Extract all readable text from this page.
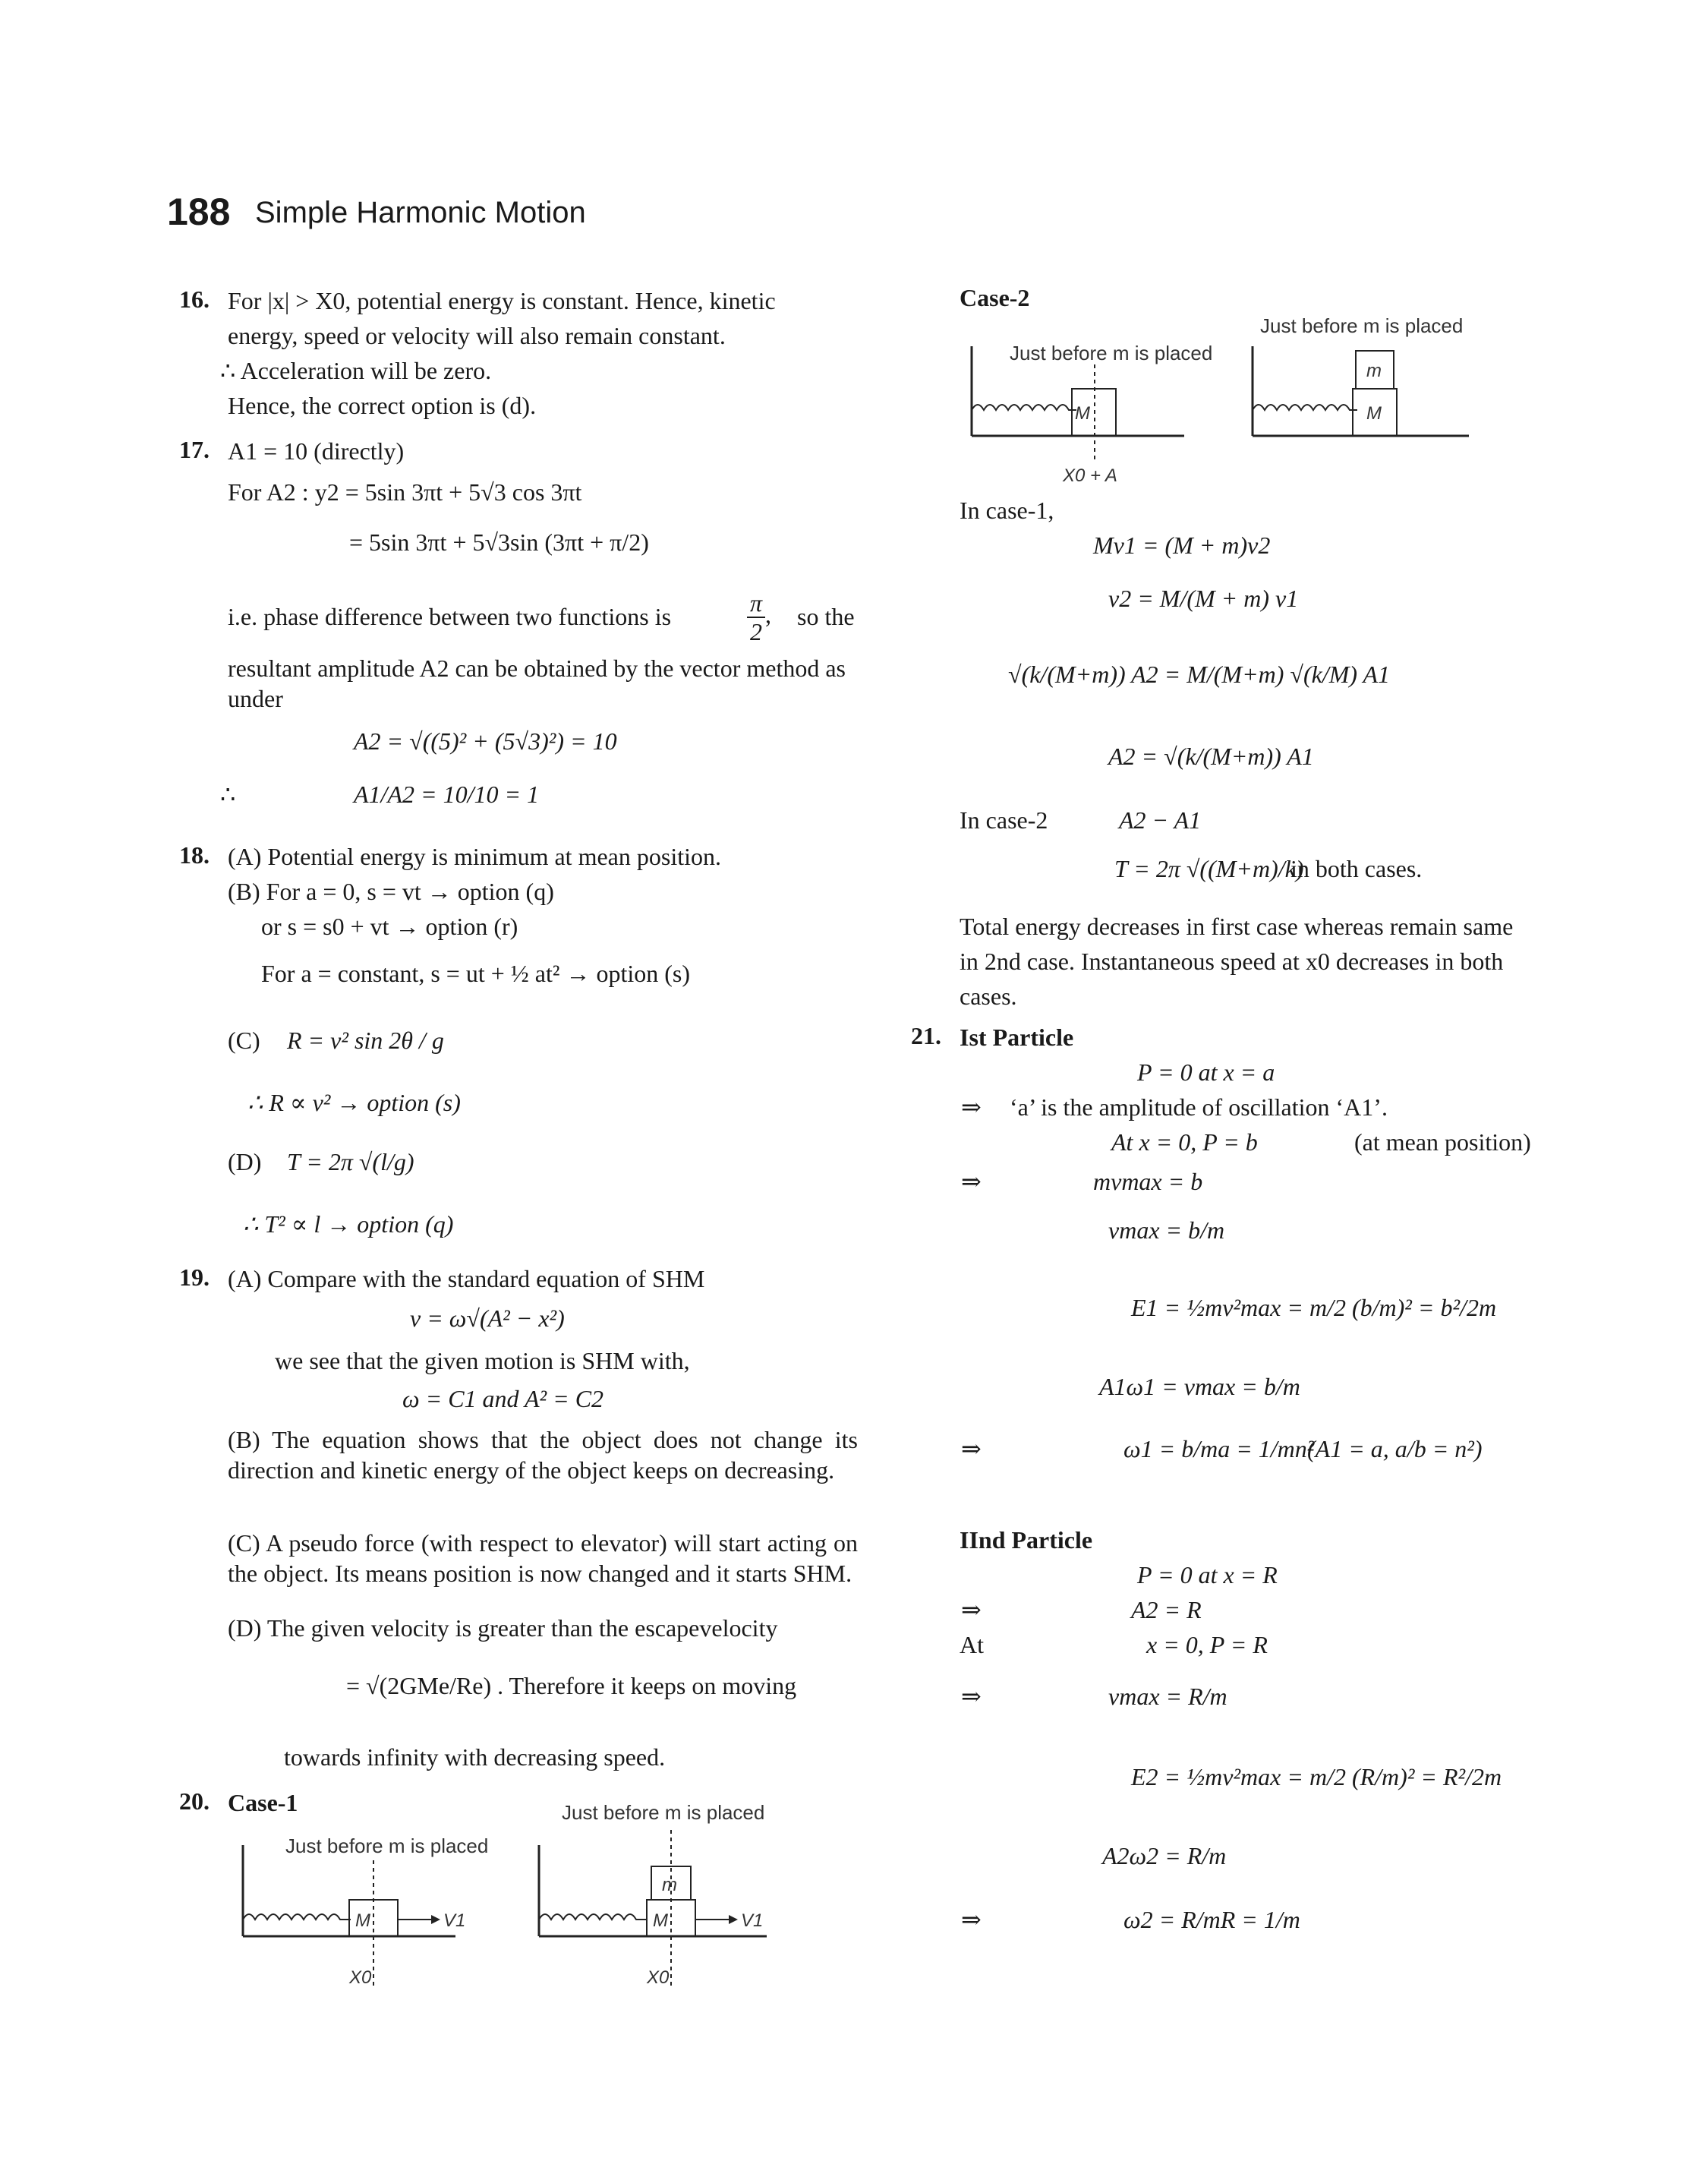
188 Simple Harmonic Motion
16. For |x| > X0, potential energy is constant. Hence, kinetic
energy, speed or velocity will also remain constant.
∴ Acceleration will be zero.
Hence, the correct option is (d).
17. A1 = 10 (directly)
For A2 : y2 = 5sin 3πt + 5√3 cos 3πt
= 5sin 3πt + 5√3sin (3πt + π/2)
i.e. phase difference between two functions is	$\frac{\pi}{2}$ , so the
resultant amplitude A2 can be obtained by the vector method as
under
A2 = √((5)² + (5√3)²) = 10
∴	A1/A2 = 10/10 = 1
18. (A) Potential energy is minimum at mean position.
(B) For a = 0, s = vt → option (q)
or s = s0 + vt → option (r)
For a = constant, s = ut + ½ at² → option (s)
(C) R = v² sin 2θ / g
∴ R ∝ v² → option (s)
(D) T = 2π √(l/g)
∴ T² ∝ l → option (q)
19. (A) Compare with the standard equation of SHM
v = ω√(A² − x²)
we see that the given motion is SHM with,
ω = C1 and A² = C2
(B) The equation shows that the object does not change its direction and kinetic energy of the object keeps on decreasing.
(C) A pseudo force (with respect to elevator) will start acting on the object. Its means position is now changed and it starts SHM.
(D) The given velocity is greater than the escapevelocity
= √(2GMe/Re) . Therefore it keeps on moving
towards infinity with decreasing speed.
20. Case-1
M	V1
X0
M
m
V1
X0
Just before m is placed
Just before m is placed
Case-2
Just before m is placed
Just before m is placed
M
X0 + A
M
m
In case-1,
Mv1 = (M + m)v2
v2 = M/(M + m) v1
√(k/(M+m)) A2 = M/(M+m) √(k/M) A1
A2 = √(k/(M+m)) A1
In case-2	A2 − A1
T = 2π √((M+m)/k)
in both cases.
Total energy decreases in first case whereas remain same
in 2nd case. Instantaneous speed at x0 decreases in both
cases.
21. Ist Particle
P = 0 at x = a
⇒ ‘a’ is the amplitude of oscillation ‘A1’.
At x = 0, P = b	(at mean position)
⇒	mvmax = b
vmax = b/m
E1 = ½mv²max = m/2 (b/m)² = b²/2m
A1ω1 = vmax = b/m
⇒	ω1 = b/ma = 1/mn²
(A1 = a, a/b = n²)
IInd Particle
P = 0 at x = R
⇒	A2 = R
At	x = 0, P = R
⇒	vmax = R/m
E2 = ½mv²max = m/2 (R/m)² = R²/2m
A2ω2 = R/m
⇒	ω2 = R/mR = 1/m
